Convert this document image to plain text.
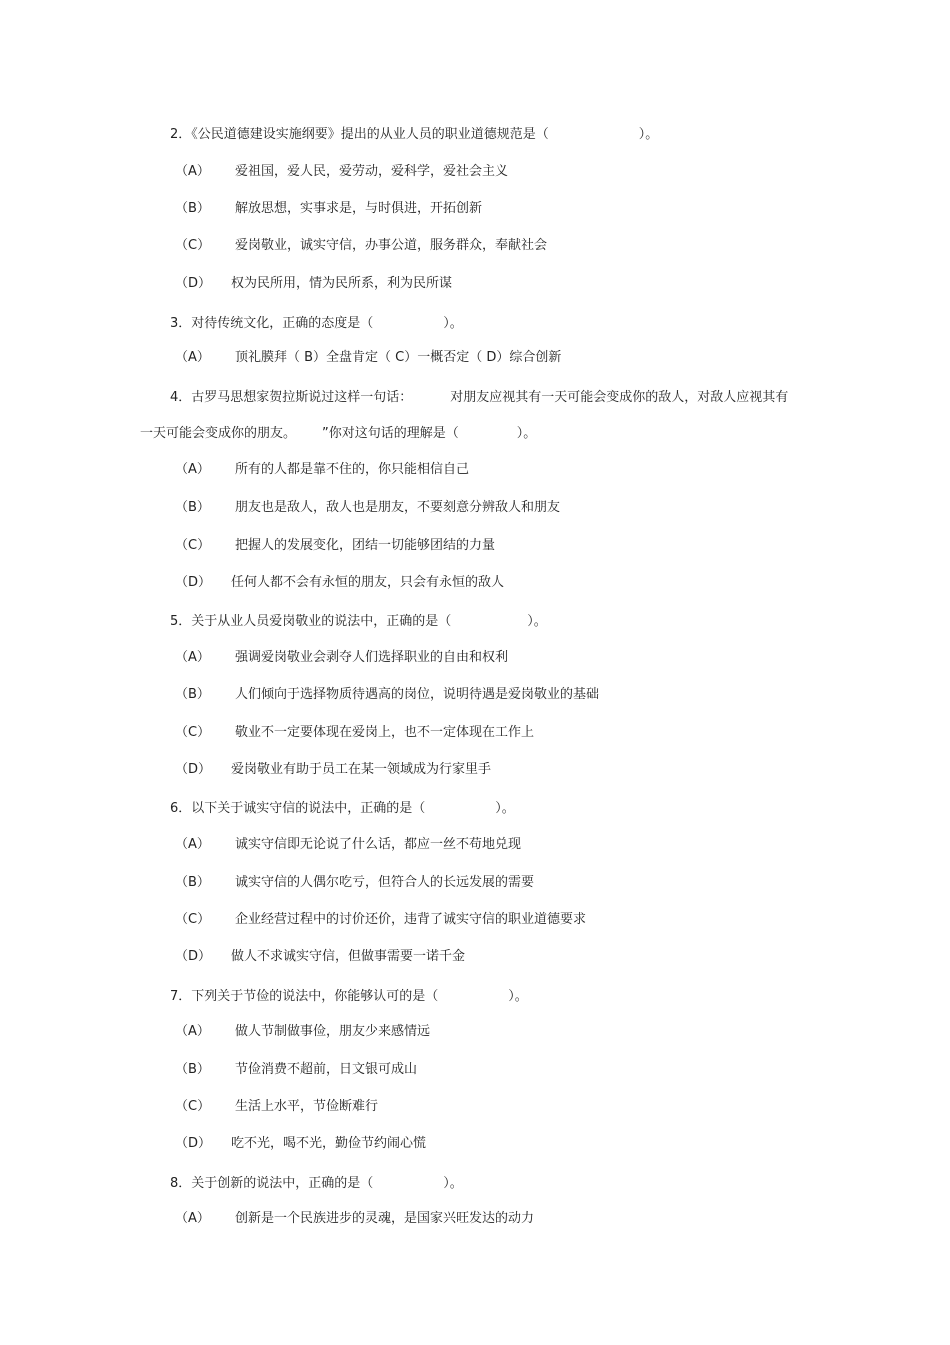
2．《公民道德建设实施纲要》提出的从业人员的职业道德规范是（	）。
（A） 爱祖国，爱人民，爱劳动，爱科学，爱社会主义
（B） 解放思想，实事求是，与时俱进，开拓创新
（C） 爱岗敬业，诚实守信，办事公道，服务群众，奉献社会
（D） 权为民所用，情为民所系，利为民所谋
3．对待传统文化，正确的态度是（	）。
（A） 顶礼膜拜（ B）全盘肯定（ C）一概否定（ D）综合创新
4．古罗马思想家贺拉斯说过这样一句话：	对朋友应视其有一天可能会变成你的敌人，对敌人应视其有
一天可能会变成你的朋友。 ”你对这句话的理解是（	）。
（A） 所有的人都是靠不住的，你只能相信自己
（B） 朋友也是敌人，敌人也是朋友，不要刻意分辨敌人和朋友
（C） 把握人的发展变化，团结一切能够团结的力量
（D） 任何人都不会有永恒的朋友，只会有永恒的敌人
5．关于从业人员爱岗敬业的说法中，正确的是（	）。
（A） 强调爱岗敬业会剥夺人们选择职业的自由和权利
（B） 人们倾向于选择物质待遇高的岗位，说明待遇是爱岗敬业的基础
（C） 敬业不一定要体现在爱岗上，也不一定体现在工作上
（D） 爱岗敬业有助于员工在某一领域成为行家里手
6．以下关于诚实守信的说法中，正确的是（	）。
（A） 诚实守信即无论说了什么话，都应一丝不苟地兑现
（B） 诚实守信的人偶尔吃亏，但符合人的长远发展的需要
（C） 企业经营过程中的讨价还价，违背了诚实守信的职业道德要求
（D） 做人不求诚实守信，但做事需要一诺千金
7．下列关于节俭的说法中，你能够认可的是（	）。
（A） 做人节制做事俭，朋友少来感情远
（B） 节俭消费不超前，日文银可成山
（C） 生活上水平，节俭断难行
（D） 吃不光，喝不光，勤俭节约闹心慌
8．关于创新的说法中，正确的是（	）。
（A） 创新是一个民族进步的灵魂，是国家兴旺发达的动力
